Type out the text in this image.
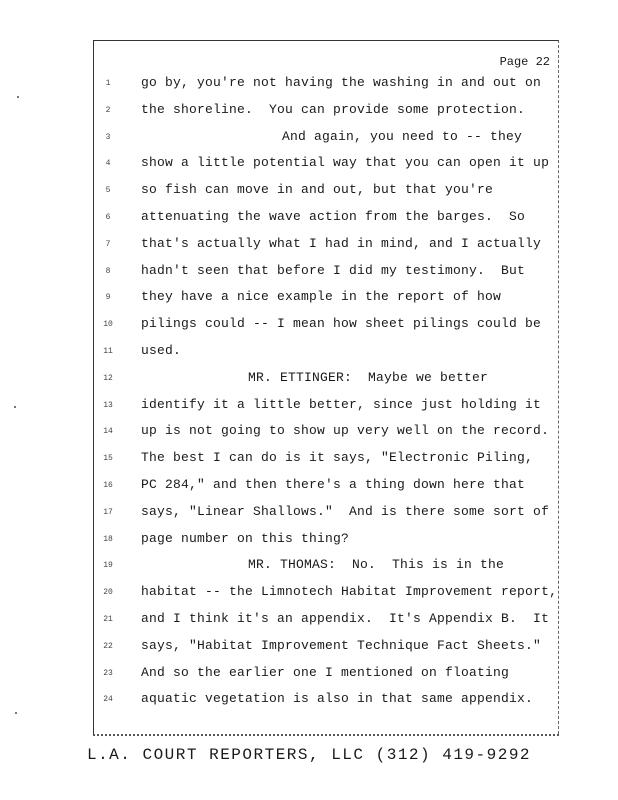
Page 22
1	go by, you're not having the washing in and out on
2	the shoreline.  You can provide some protection.
3	And again, you need to -- they
4	show a little potential way that you can open it up
5	so fish can move in and out, but that you're
6	attenuating the wave action from the barges.  So
7	that's actually what I had in mind, and I actually
8	hadn't seen that before I did my testimony.  But
9	they have a nice example in the report of how
10	pilings could -- I mean how sheet pilings could be
11	used.
12	MR. ETTINGER:  Maybe we better
13	identify it a little better, since just holding it
14	up is not going to show up very well on the record.
15	The best I can do is it says, "Electronic Piling,
16	PC 284," and then there's a thing down here that
17	says, "Linear Shallows."  And is there some sort of
18	page number on this thing?
19	MR. THOMAS:  No.  This is in the
20	habitat -- the Limnotech Habitat Improvement report,
21	and I think it's an appendix.  It's Appendix B.  It
22	says, "Habitat Improvement Technique Fact Sheets."
23	And so the earlier one I mentioned on floating
24	aquatic vegetation is also in that same appendix.
L.A. COURT REPORTERS, LLC (312) 419-9292
